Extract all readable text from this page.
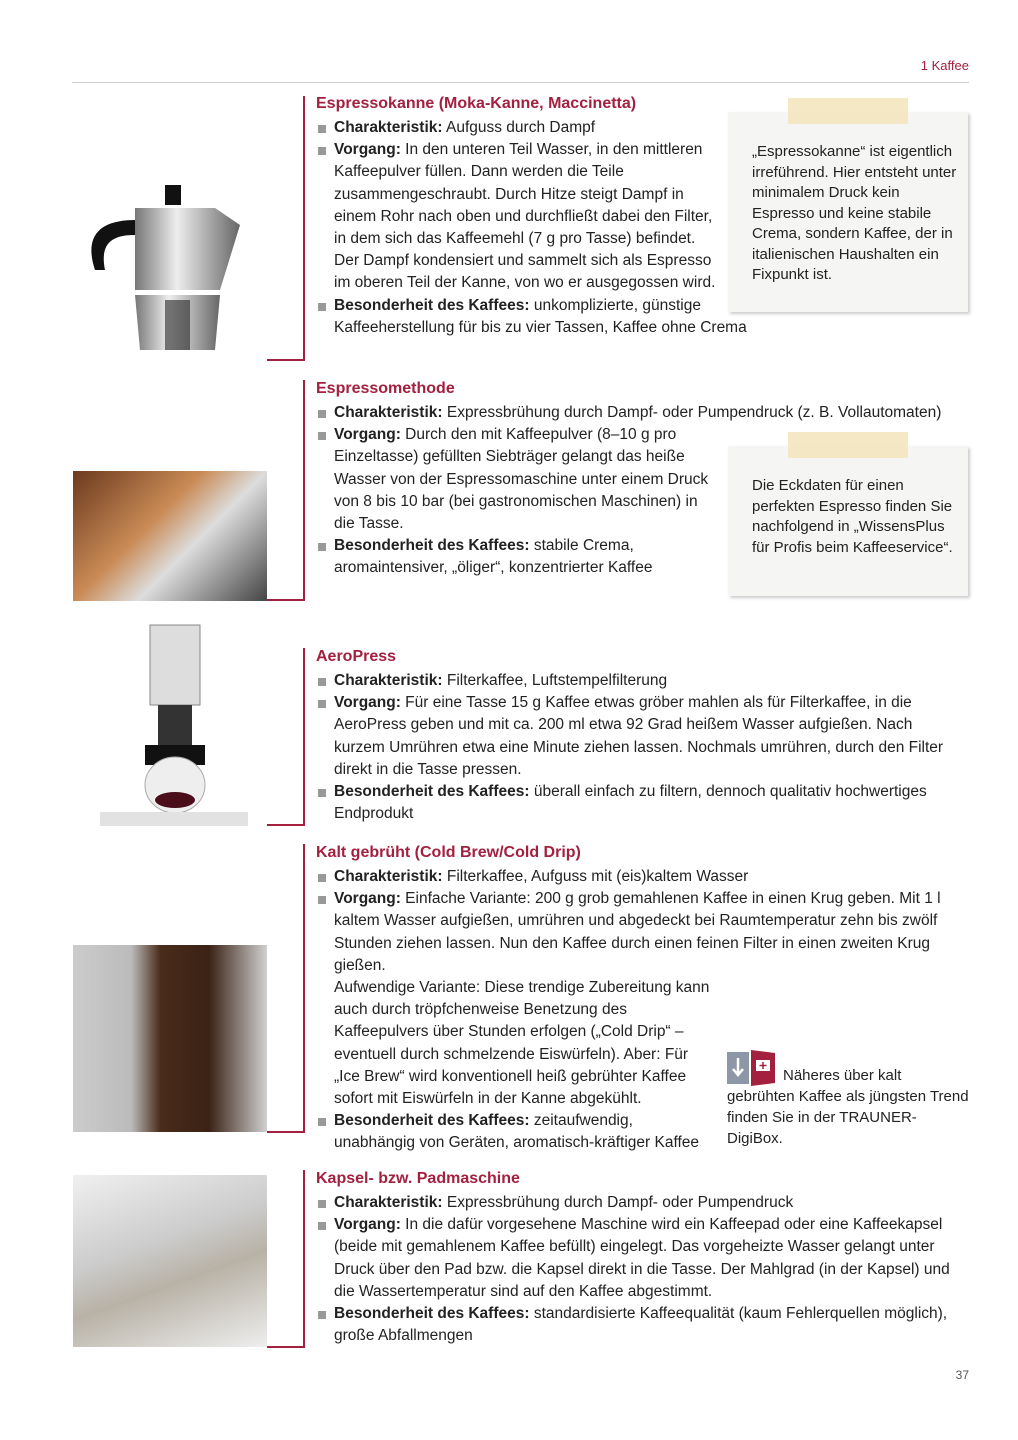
1 Kaffee
Espressokanne (Moka-Kanne, Maccinetta)
Charakteristik: Aufguss durch Dampf
Vorgang: In den unteren Teil Wasser, in den mittleren Kaffeepulver füllen. Dann werden die Teile zusammengeschraubt. Durch Hitze steigt Dampf in einem Rohr nach oben und durchfließt dabei den Filter, in dem sich das Kaffeemehl (7 g pro Tasse) befindet. Der Dampf kondensiert und sammelt sich als Espresso im oberen Teil der Kanne, von wo er ausgegossen wird.
Besonderheit des Kaffees: unkomplizierte, günstige Kaffeeherstellung für bis zu vier Tassen, Kaffee ohne Crema
Espressomethode
Charakteristik: Expressbrühung durch Dampf- oder Pumpendruck (z. B. Vollautomaten)
Vorgang: Durch den mit Kaffeepulver (8–10 g pro Einzeltasse) gefüllten Siebträger gelangt das heiße Wasser von der Espressomaschine unter einem Druck von 8 bis 10 bar (bei gastronomischen Maschinen) in die Tasse.
Besonderheit des Kaffees: stabile Crema, aromaintensiver, „öliger“, konzentrierter Kaffee
AeroPress
Charakteristik: Filterkaffee, Luftstempelfilterung
Vorgang: Für eine Tasse 15 g Kaffee etwas gröber mahlen als für Filterkaffee, in die AeroPress geben und mit ca. 200 ml etwa 92 Grad heißem Wasser aufgießen. Nach kurzem Umrühren etwa eine Minute ziehen lassen. Nochmals umrühren, durch den Filter direkt in die Tasse pressen.
Besonderheit des Kaffees: überall einfach zu filtern, dennoch qualitativ hochwertiges Endprodukt
Kalt gebrüht (Cold Brew/Cold Drip)
Charakteristik: Filterkaffee, Aufguss mit (eis)kaltem Wasser
Vorgang: Einfache Variante: 200 g grob gemahlenen Kaffee in einen Krug geben. Mit 1 l kaltem Wasser aufgießen, umrühren und abgedeckt bei Raumtemperatur zehn bis zwölf Stunden ziehen lassen. Nun den Kaffee durch einen feinen Filter in einen zweiten Krug gießen.
Aufwendige Variante: Diese trendige Zubereitung kann auch durch tröpfchenweise Benetzung des Kaffeepulvers über Stunden erfolgen („Cold Drip“ – eventuell durch schmelzende Eiswürfeln). Aber: Für „Ice Brew“ wird konventionell heiß gebrühter Kaffee sofort mit Eiswürfeln in der Kanne abgekühlt.
Besonderheit des Kaffees: zeitaufwendig, unabhängig von Geräten, aromatisch-kräftiger Kaffee
Kapsel- bzw. Padmaschine
Charakteristik: Expressbrühung durch Dampf- oder Pumpendruck
Vorgang: In die dafür vorgesehene Maschine wird ein Kaffeepad oder eine Kaffeekapsel (beide mit gemahlenem Kaffee befüllt) eingelegt. Das vorgeheizte Wasser gelangt unter Druck über den Pad bzw. die Kapsel direkt in die Tasse. Der Mahlgrad (in der Kapsel) und die Wassertemperatur sind auf den Kaffee abgestimmt.
Besonderheit des Kaffees: standardisierte Kaffeequalität (kaum Fehlerquellen möglich), große Abfallmengen
„Espressokanne“ ist eigentlich irreführend. Hier entsteht unter minimalem Druck kein Espresso und keine stabile Crema, sondern Kaffee, der in italienischen Haushalten ein Fixpunkt ist.
Die Eckdaten für einen perfekten Espresso finden Sie nachfolgend in „WissensPlus für Profis beim Kaffeeservice“.
Näheres über kalt gebrühten Kaffee als jüngsten Trend finden Sie in der TRAUNER-DigiBox.
37
